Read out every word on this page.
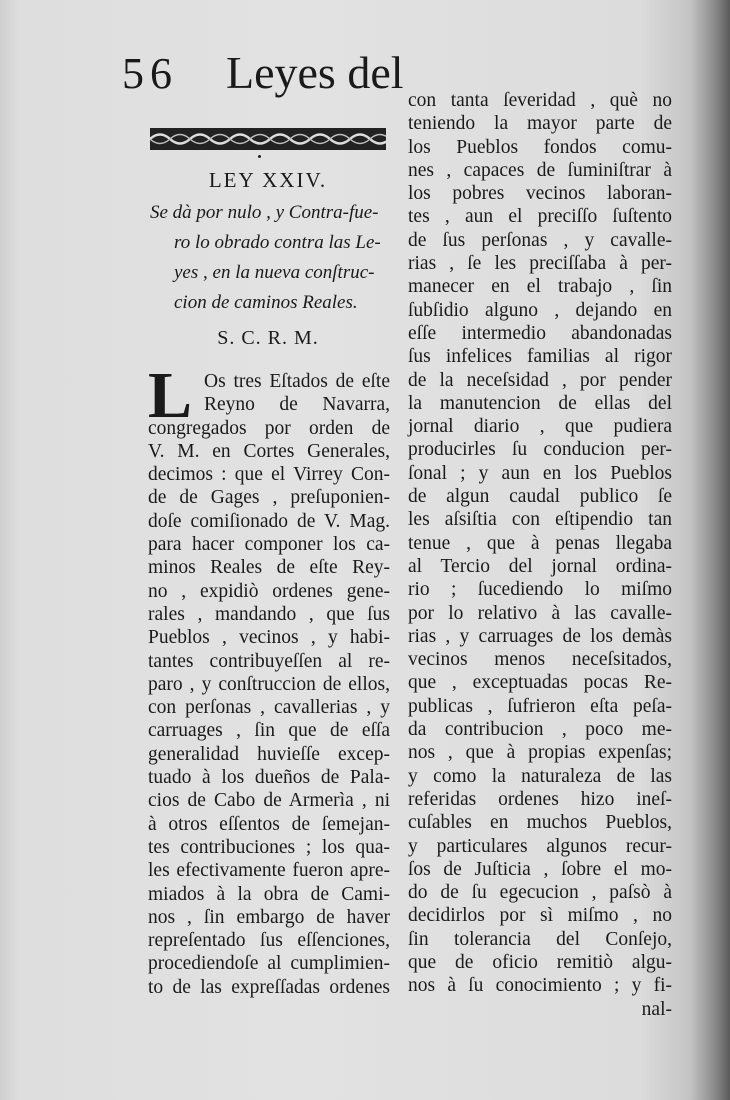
56 Leyes del
LEY XXIV.
Se dà por nulo , y Contra-fue-
ro lo obrado contra las Le-
yes , en la nueva conſtruc-
cion de caminos Reales.
S. C. R. M.
L Os tres Eſtados de eſte
Reyno de Navarra,
congregados por orden de
V. M. en Cortes Generales,
decimos : que el Virrey Con-
de de Gages , preſuponien-
doſe comiſionado de V. Mag.
para hacer componer los ca-
minos Reales de eſte Rey-
no , expidiò ordenes gene-
rales , mandando , que ſus
Pueblos , vecinos , y habi-
tantes contribuyeſſen al re-
paro , y conſtruccion de ellos,
con perſonas , cavallerias , y
carruages , ſin que de eſſa
generalidad huvieſſe excep-
tuado à los dueños de Pala-
cios de Cabo de Armerìa , ni
à otros eſſentos de ſemejan-
tes contribuciones ; los qua-
les efectivamente fueron apre-
miados à la obra de Cami-
nos , ſin embargo de haver
repreſentado ſus eſſenciones,
procediendoſe al cumplimien-
to de las expreſſadas ordenes
con tanta ſeveridad , què no
teniendo la mayor parte de
los Pueblos fondos comu-
nes , capaces de ſuminiſtrar à
los pobres vecinos laboran-
tes , aun el preciſſo ſuſtento
de ſus perſonas , y cavalle-
rias , ſe les preciſſaba à per-
manecer en el trabajo , ſin
ſubſidio alguno , dejando en
eſſe intermedio abandonadas
ſus infelices familias al rigor
de la neceſsidad , por pender
la manutencion de ellas del
jornal diario , que pudiera
producirles ſu conducion per-
ſonal ; y aun en los Pueblos
de algun caudal publico ſe
les aſsiſtia con eſtipendio tan
tenue , que à penas llegaba
al Tercio del jornal ordina-
rio ; ſucediendo lo miſmo
por lo relativo à las cavalle-
rias , y carruages de los demàs
vecinos menos neceſsitados,
que , exceptuadas pocas Re-
publicas , ſufrieron eſta peſa-
da contribucion , poco me-
nos , que à propias expenſas;
y como la naturaleza de las
referidas ordenes hizo ineſ-
cuſables en muchos Pueblos,
y particulares algunos recur-
ſos de Juſticia , ſobre el mo-
do de ſu egecucion , paſsò à
decidirlos por sì miſmo , no
ſin tolerancia del Conſejo,
que de oficio remitiò algu-
nos à ſu conocimiento ; y fi-
nal-
